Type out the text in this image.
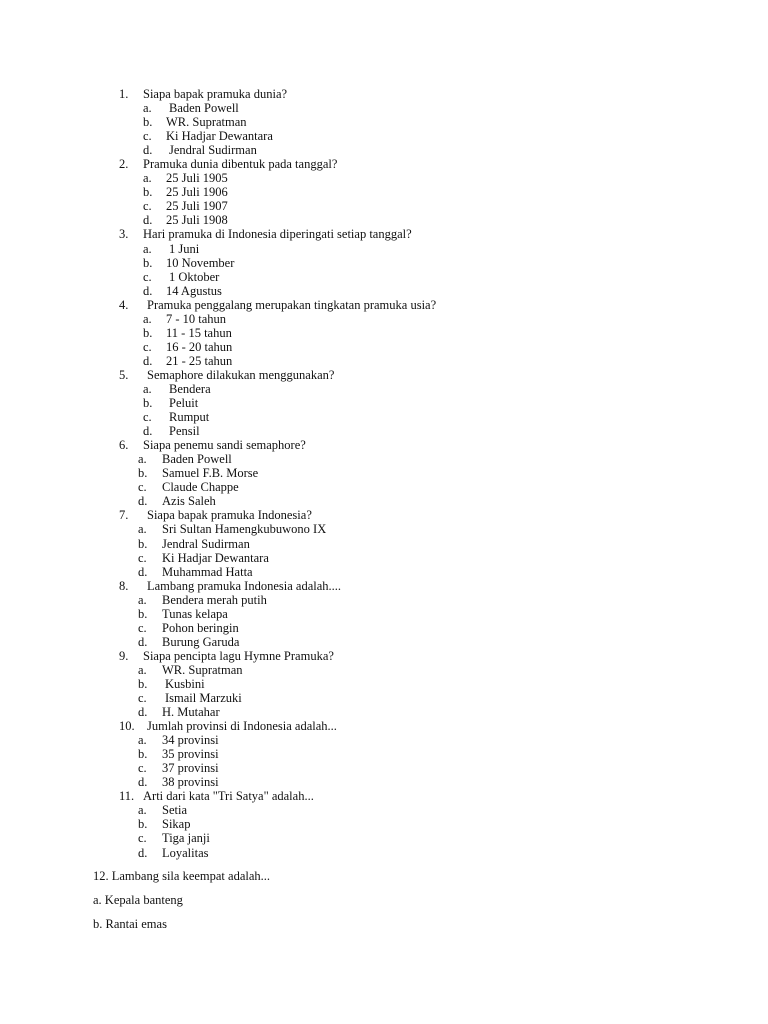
1. Siapa bapak pramuka dunia?
a. Baden Powell
b. WR. Supratman
c. Ki Hadjar Dewantara
d. Jendral Sudirman
2. Pramuka dunia dibentuk pada tanggal?
a. 25 Juli 1905
b. 25 Juli 1906
c. 25 Juli 1907
d. 25 Juli 1908
3. Hari pramuka di Indonesia diperingati setiap tanggal?
a. 1 Juni
b. 10 November
c. 1 Oktober
d. 14 Agustus
4. Pramuka penggalang merupakan tingkatan pramuka usia?
a. 7 - 10 tahun
b. 11 - 15 tahun
c. 16 - 20 tahun
d. 21 - 25 tahun
5. Semaphore dilakukan menggunakan?
a. Bendera
b. Peluit
c. Rumput
d. Pensil
6. Siapa penemu sandi semaphore?
a. Baden Powell
b. Samuel F.B. Morse
c. Claude Chappe
d. Azis Saleh
7. Siapa bapak pramuka Indonesia?
a. Sri Sultan Hamengkubuwono IX
b. Jendral Sudirman
c. Ki Hadjar Dewantara
d. Muhammad Hatta
8. Lambang pramuka Indonesia adalah....
a. Bendera merah putih
b. Tunas kelapa
c. Pohon beringin
d. Burung Garuda
9. Siapa pencipta lagu Hymne Pramuka?
a. WR. Supratman
b. Kusbini
c. Ismail Marzuki
d. H. Mutahar
10. Jumlah provinsi di Indonesia adalah...
a. 34 provinsi
b. 35 provinsi
c. 37 provinsi
d. 38 provinsi
11. Arti dari kata "Tri Satya" adalah...
a. Setia
b. Sikap
c. Tiga janji
d. Loyalitas
12. Lambang sila keempat adalah...
a. Kepala banteng
b. Rantai emas
